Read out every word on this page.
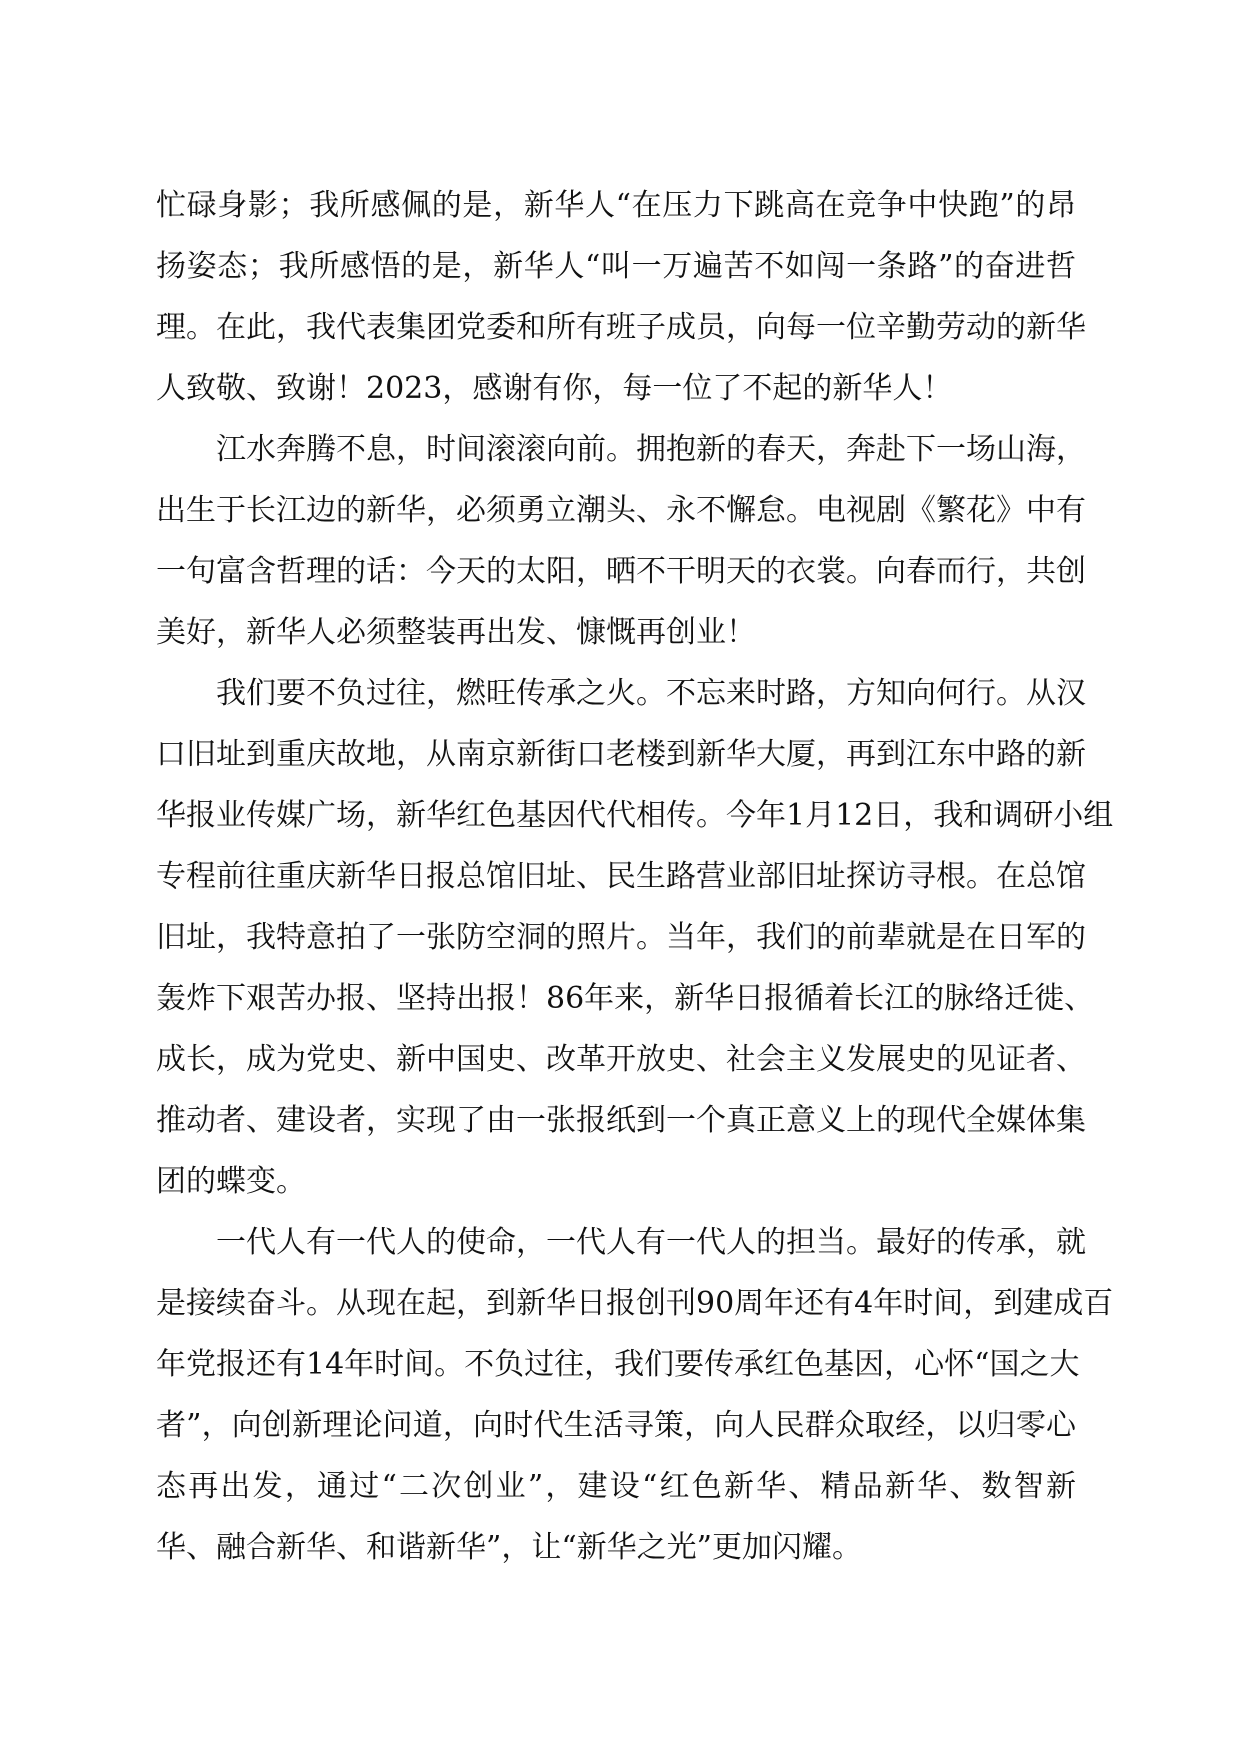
忙碌身影；我所感佩的是，新华人“在压力下跳高在竞争中快跑”的昂
扬姿态；我所感悟的是，新华人“叫一万遍苦不如闯一条路”的奋进哲
理。在此，我代表集团党委和所有班子成员，向每一位辛勤劳动的新华
人致敬、致谢！2023，感谢有你，每一位了不起的新华人！
江水奔腾不息，时间滚滚向前。拥抱新的春天，奔赴下一场山海，
出生于长江边的新华，必须勇立潮头、永不懈怠。电视剧《繁花》中有
一句富含哲理的话：今天的太阳，晒不干明天的衣裳。向春而行，共创
美好，新华人必须整装再出发、慷慨再创业！
我们要不负过往，燃旺传承之火。不忘来时路，方知向何行。从汉
口旧址到重庆故地，从南京新街口老楼到新华大厦，再到江东中路的新
华报业传媒广场，新华红色基因代代相传。今年1月12日，我和调研小组
专程前往重庆新华日报总馆旧址、民生路营业部旧址探访寻根。在总馆
旧址，我特意拍了一张防空洞的照片。当年，我们的前辈就是在日军的
轰炸下艰苦办报、坚持出报！86年来，新华日报循着长江的脉络迁徙、
成长，成为党史、新中国史、改革开放史、社会主义发展史的见证者、
推动者、建设者，实现了由一张报纸到一个真正意义上的现代全媒体集
团的蝶变。
一代人有一代人的使命，一代人有一代人的担当。最好的传承，就
是接续奋斗。从现在起，到新华日报创刊90周年还有4年时间，到建成百
年党报还有14年时间。不负过往，我们要传承红色基因，心怀“国之大
者”，向创新理论问道，向时代生活寻策，向人民群众取经，以归零心
态再出发，通过“二次创业”，建设“红色新华、精品新华、数智新
华、融合新华、和谐新华”，让“新华之光”更加闪耀。
